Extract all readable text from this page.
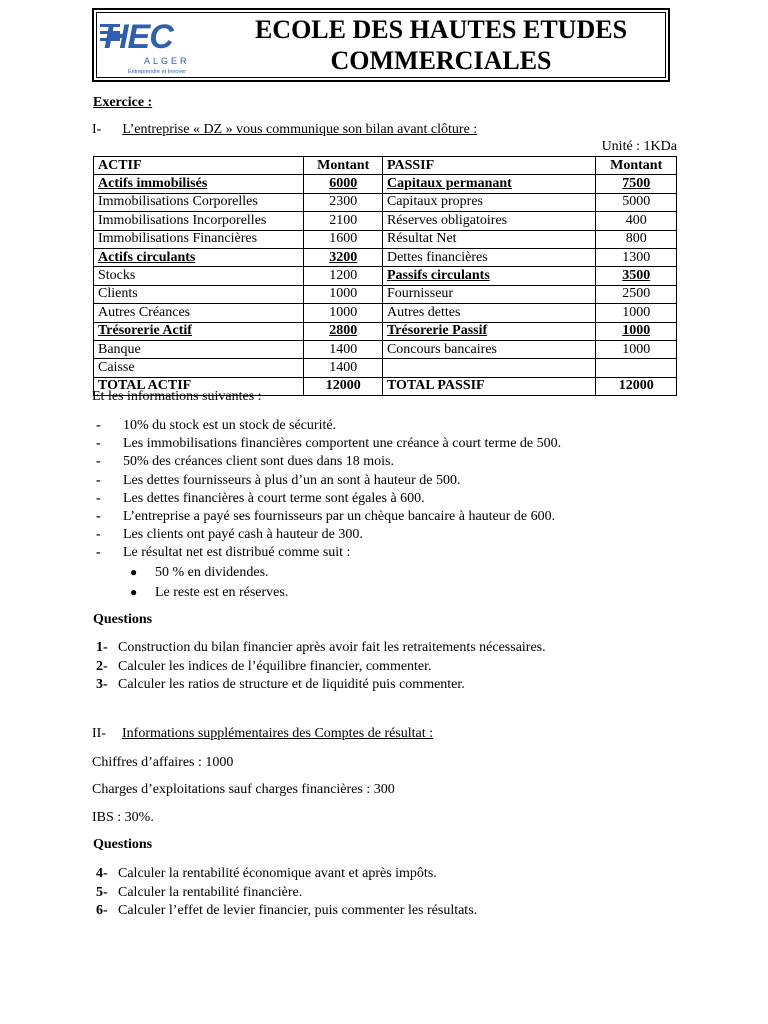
HEC
ALGER
Entreprendre et Innover
ECOLE DES HAUTES ETUDES
COMMERCIALES
Exercice :
I- L’entreprise « DZ » vous communique son bilan avant clôture :
Unité : 1KDa
ACTIF	Montant	PASSIF	Montant
Actifs immobilisés	6000	Capitaux permanant	7500
Immobilisations Corporelles	2300	Capitaux propres	5000
Immobilisations Incorporelles	2100	Réserves obligatoires	400
Immobilisations Financières	1600	Résultat Net	800
Actifs circulants	3200	Dettes financières	1300
Stocks	1200	Passifs circulants	3500
Clients	1000	Fournisseur	2500
Autres Créances	1000	Autres dettes	1000
Trésorerie Actif	2800	Trésorerie Passif	1000
Banque	1400	Concours bancaires	1000
Caisse	1400		
TOTAL ACTIF	12000	TOTAL PASSIF	12000
Et les informations suivantes :
- 10% du stock est un stock de sécurité.
- Les immobilisations financières comportent une créance à court terme de 500.
- 50% des créances client sont dues dans 18 mois.
- Les dettes fournisseurs à plus d’un an sont à hauteur de 500.
- Les dettes financières à court terme sont égales à 600.
- L’entreprise a payé ses fournisseurs par un chèque bancaire à hauteur de 600.
- Les clients ont payé cash à hauteur de 300.
- Le résultat net est distribué comme suit :
● 50 % en dividendes.
● Le reste est en réserves.
Questions
1- Construction du bilan financier après avoir fait les retraitements nécessaires.
2- Calculer les indices de l’équilibre financier, commenter.
3- Calculer les ratios de structure et de liquidité puis commenter.
II- Informations supplémentaires des Comptes de résultat :
Chiffres d’affaires : 1000
Charges d’exploitations sauf charges financières : 300
IBS : 30%.
Questions
4- Calculer la rentabilité économique avant et après impôts.
5- Calculer la rentabilité financière.
6- Calculer l’effet de levier financier, puis commenter les résultats.
